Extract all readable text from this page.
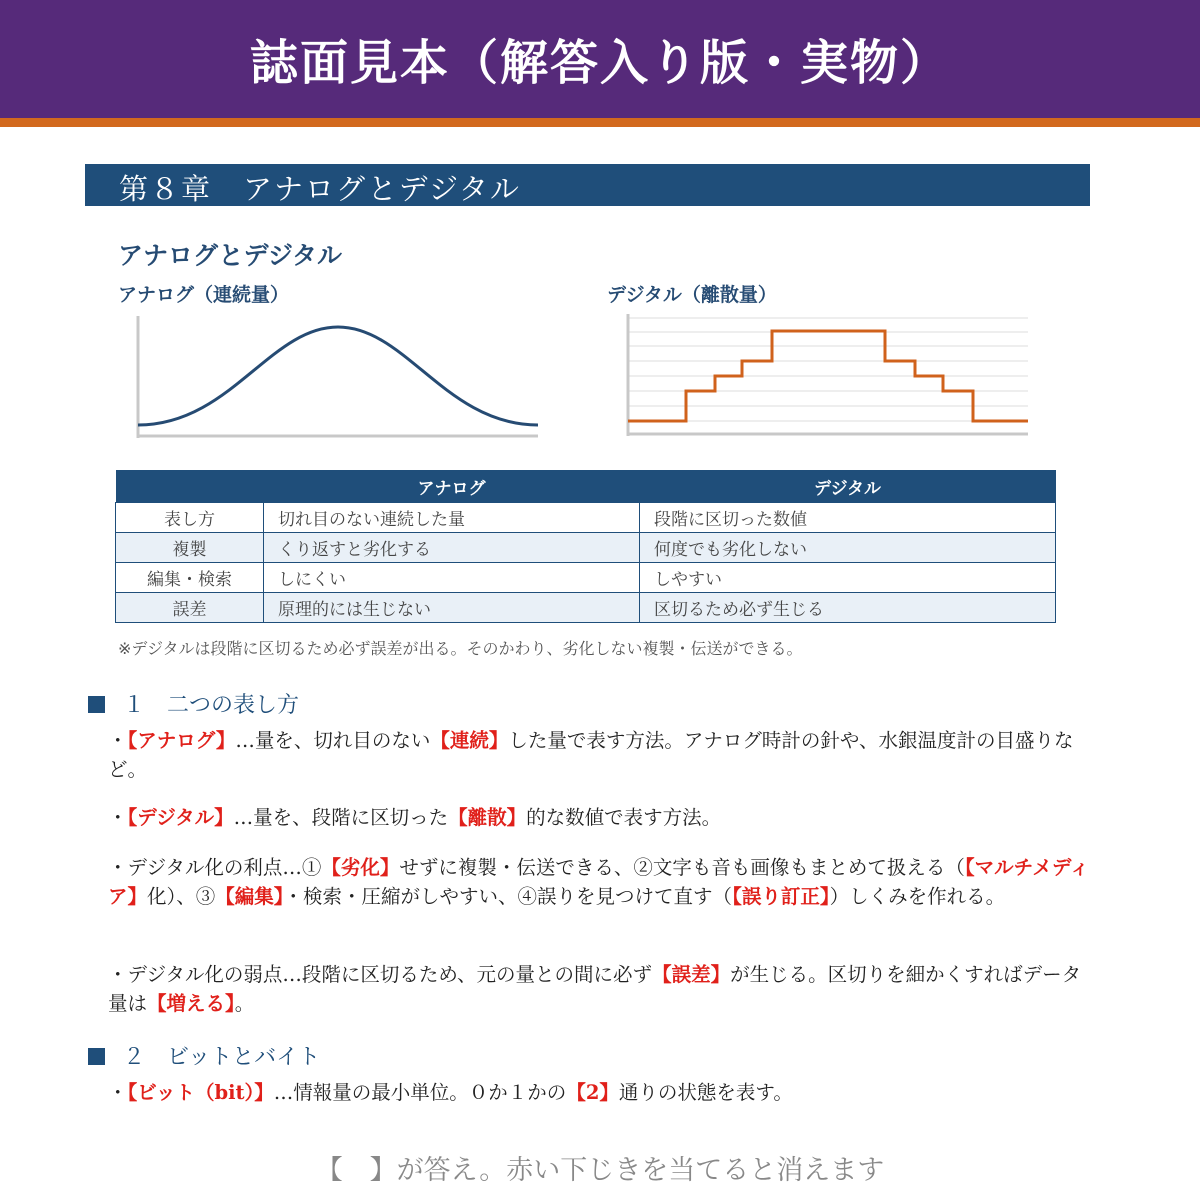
誌面見本（解答入り版・実物）
第８章　アナログとデジタル
アナログとデジタル
アナログ（連続量）	デジタル（離散量）
	アナログ	デジタル
表し方	切れ目のない連続した量	段階に区切った数値
複製	くり返すと劣化する	何度でも劣化しない
編集・検索	しにくい	しやすい
誤差	原理的には生じない	区切るため必ず生じる
※デジタルは段階に区切るため必ず誤差が出る。そのかわり、劣化しない複製・伝送ができる。
１　二つの表し方
・【アナログ】…量を、切れ目のない【連続】した量で表す方法。アナログ時計の針や、水銀温度計の目盛りなど。
・【デジタル】…量を、段階に区切った【離散】的な数値で表す方法。
・デジタル化の利点…①【劣化】せずに複製・伝送できる、②文字も音も画像もまとめて扱える（【マルチメディア】化）、③【編集】・検索・圧縮がしやすい、④誤りを見つけて直す（【誤り訂正】）しくみを作れる。
・デジタル化の弱点…段階に区切るため、元の量との間に必ず【誤差】が生じる。区切りを細かくすればデータ量は【増える】。
２　ビットとバイト
・【ビット（bit）】…情報量の最小単位。０か１かの【2】通りの状態を表す。
【　】が答え。赤い下じきを当てると消えます
